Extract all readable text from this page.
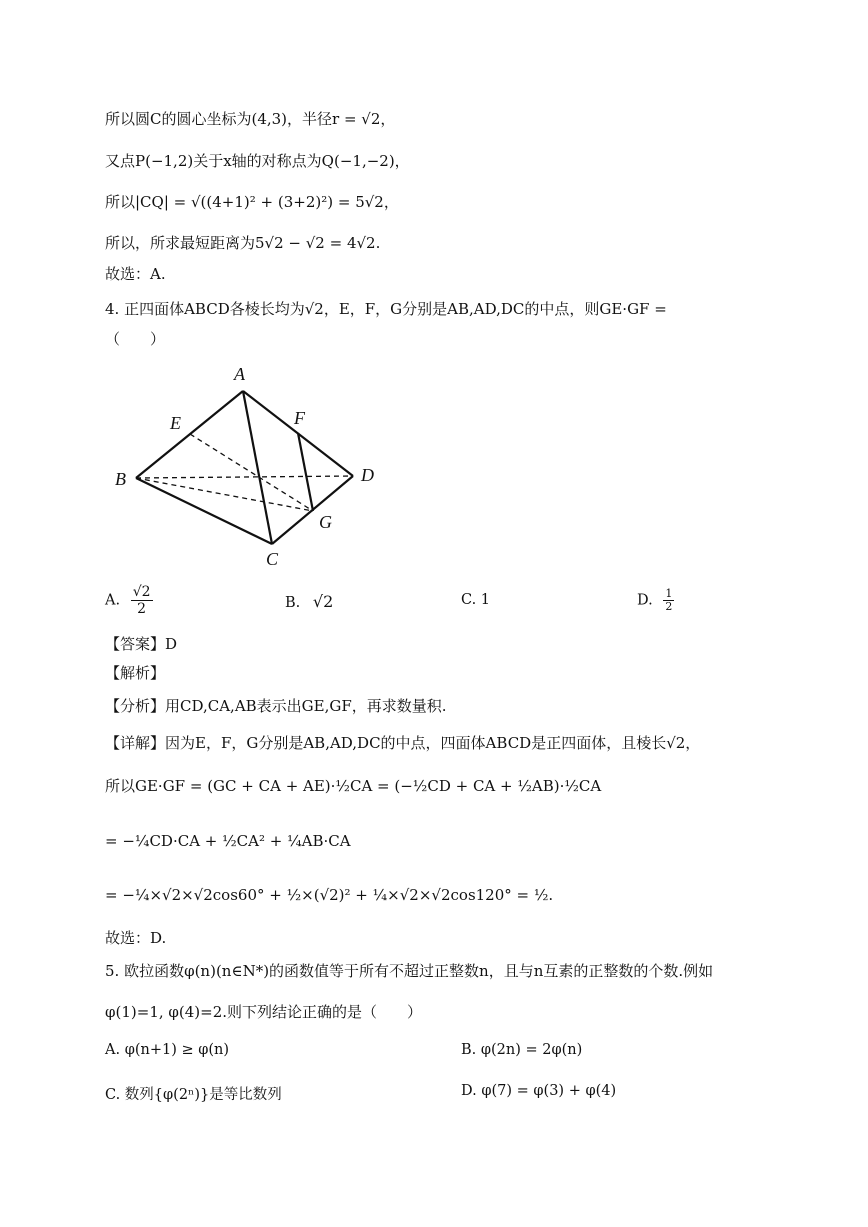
所以圆C的圆心坐标为(4,3)，半径r = √2，
又点P(−1,2)关于x轴的对称点为Q(−1,−2)，
所以|CQ| = √((4+1)² + (3+2)²) = 5√2，
所以，所求最短距离为5√2 − √2 = 4√2.
故选：A.
4. 正四面体ABCD各棱长均为√2，E，F，G分别是AB,AD,DC的中点，则GE·GF =
（　　）
A
B
C
D
E	F
G
A. $\frac{√2}{2}$	B. √2	C. 1	D. $\frac{1}{2}$
【答案】D
【解析】
【分析】用CD,CA,AB表示出GE,GF，再求数量积.
【详解】因为E，F，G分别是AB,AD,DC的中点，四面体ABCD是正四面体，且棱长√2，
所以GE·GF = (GC + CA + AE)·½CA = (−½CD + CA + ½AB)·½CA
= −¼CD·CA + ½CA² + ¼AB·CA
= −¼×√2×√2cos60° + ½×(√2)² + ¼×√2×√2cos120° = ½.
故选：D.
5. 欧拉函数φ(n)(n∈N*)的函数值等于所有不超过正整数n，且与n互素的正整数的个数.例如
φ(1)=1, φ(4)=2.则下列结论正确的是（　　）
A. φ(n+1) ≥ φ(n)	B. φ(2n) = 2φ(n)
C. 数列{φ(2ⁿ)}是等比数列	D. φ(7) = φ(3) + φ(4)
